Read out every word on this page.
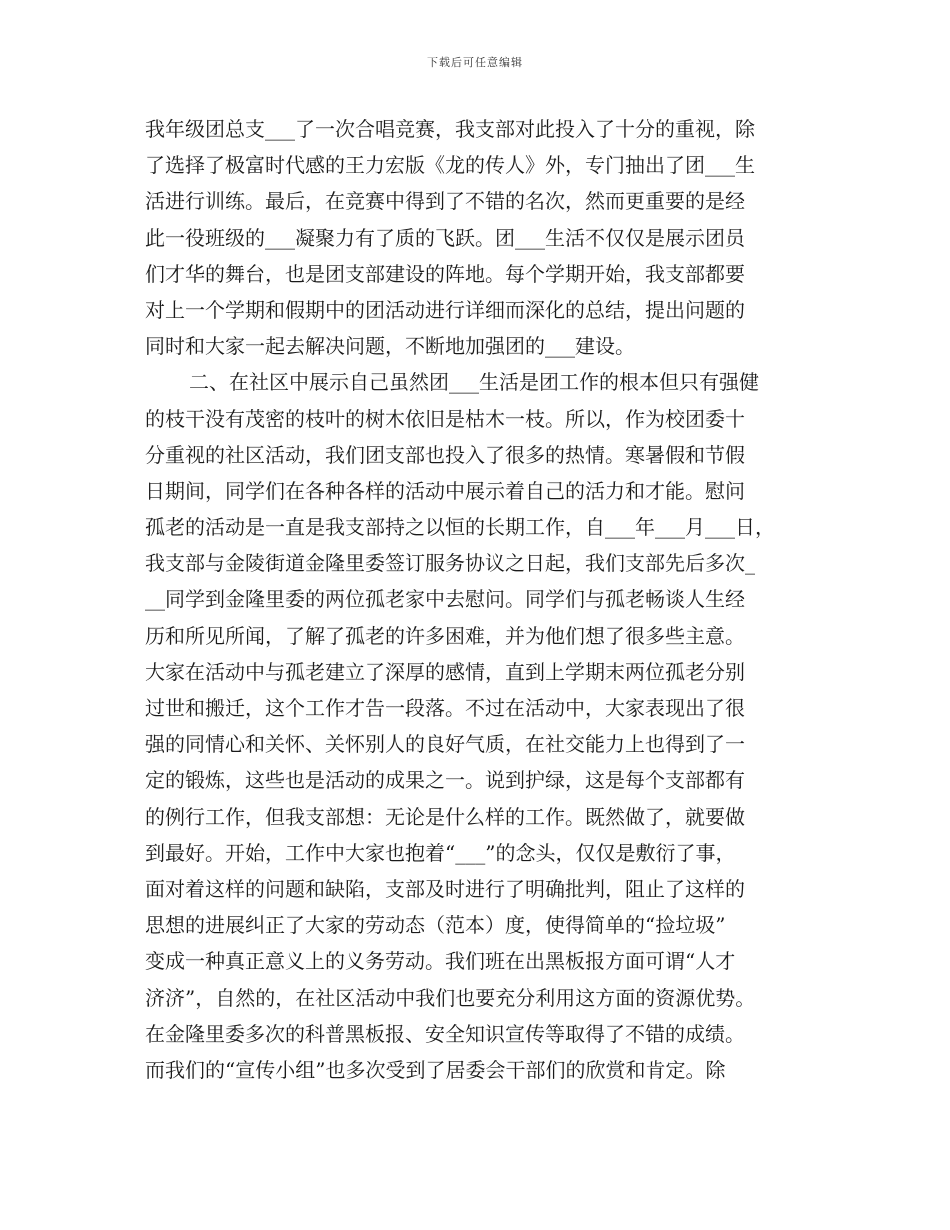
下载后可任意编辑
我年级团总支___了一次合唱竞赛，我支部对此投入了十分的重视，除
了选择了极富时代感的王力宏版《龙的传人》外，专门抽出了团___生
活进行训练。最后，在竞赛中得到了不错的名次，然而更重要的是经
此一役班级的___凝聚力有了质的飞跃。团___生活不仅仅是展示团员
们才华的舞台，也是团支部建设的阵地。每个学期开始，我支部都要
对上一个学期和假期中的团活动进行详细而深化的总结，提出问题的
同时和大家一起去解决问题，不断地加强团的___建设。
二、在社区中展示自己虽然团___生活是团工作的根本但只有强健
的枝干没有茂密的枝叶的树木依旧是枯木一枝。所以，作为校团委十
分重视的社区活动，我们团支部也投入了很多的热情。寒暑假和节假
日期间，同学们在各种各样的活动中展示着自己的活力和才能。慰问
孤老的活动是一直是我支部持之以恒的长期工作，自___年___月___日，
我支部与金陵街道金隆里委签订服务协议之日起，我们支部先后多次_
__同学到金隆里委的两位孤老家中去慰问。同学们与孤老畅谈人生经
历和所见所闻，了解了孤老的许多困难，并为他们想了很多些主意。
大家在活动中与孤老建立了深厚的感情，直到上学期末两位孤老分别
过世和搬迁，这个工作才告一段落。不过在活动中，大家表现出了很
强的同情心和关怀、关怀别人的良好气质，在社交能力上也得到了一
定的锻炼，这些也是活动的成果之一。说到护绿，这是每个支部都有
的例行工作，但我支部想：无论是什么样的工作。既然做了，就要做
到最好。开始，工作中大家也抱着“___”的念头，仅仅是敷衍了事，
面对着这样的问题和缺陷，支部及时进行了明确批判，阻止了这样的
思想的进展纠正了大家的劳动态（范本）度，使得简单的“捡垃圾”
变成一种真正意义上的义务劳动。我们班在出黑板报方面可谓“人才
济济”，自然的，在社区活动中我们也要充分利用这方面的资源优势。
在金隆里委多次的科普黑板报、安全知识宣传等取得了不错的成绩。
而我们的“宣传小组”也多次受到了居委会干部们的欣赏和肯定。除
